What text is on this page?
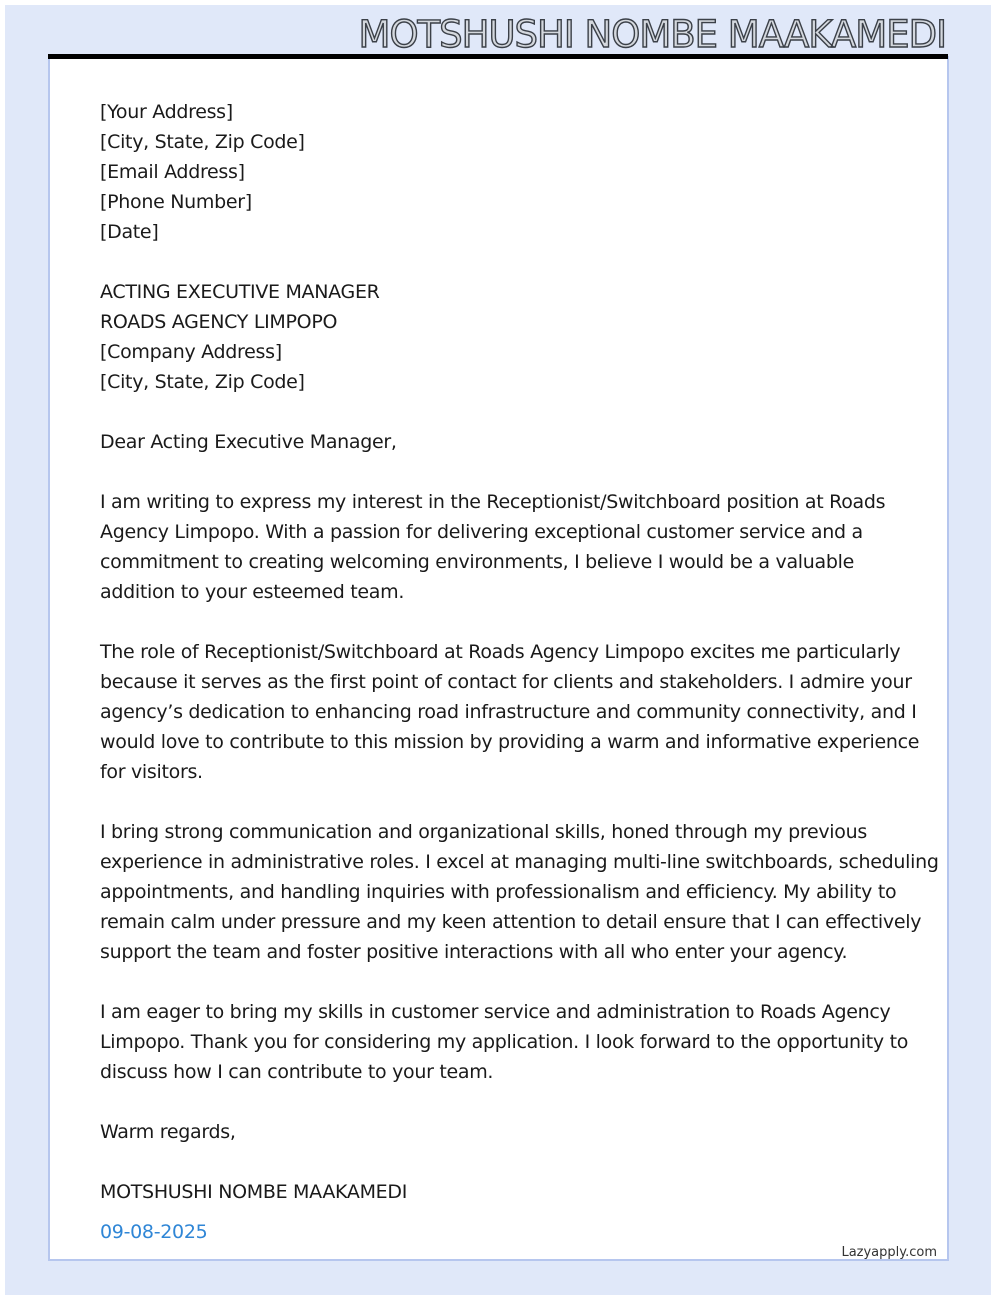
MOTSHUSHI NOMBE MAAKAMEDI
[Your Address]
[City, State, Zip Code]
[Email Address]
[Phone Number]
[Date]
ACTING EXECUTIVE MANAGER
ROADS AGENCY LIMPOPO
[Company Address]
[City, State, Zip Code]
Dear Acting Executive Manager,
I am writing to express my interest in the Receptionist/Switchboard position at Roads
Agency Limpopo. With a passion for delivering exceptional customer service and a
commitment to creating welcoming environments, I believe I would be a valuable
addition to your esteemed team.
The role of Receptionist/Switchboard at Roads Agency Limpopo excites me particularly
because it serves as the first point of contact for clients and stakeholders. I admire your
agency’s dedication to enhancing road infrastructure and community connectivity, and I
would love to contribute to this mission by providing a warm and informative experience
for visitors.
I bring strong communication and organizational skills, honed through my previous
experience in administrative roles. I excel at managing multi-line switchboards, scheduling
appointments, and handling inquiries with professionalism and efficiency. My ability to
remain calm under pressure and my keen attention to detail ensure that I can effectively
support the team and foster positive interactions with all who enter your agency.
I am eager to bring my skills in customer service and administration to Roads Agency
Limpopo. Thank you for considering my application. I look forward to the opportunity to
discuss how I can contribute to your team.
Warm regards,
MOTSHUSHI NOMBE MAAKAMEDI
09-08-2025
Lazyapply.com
